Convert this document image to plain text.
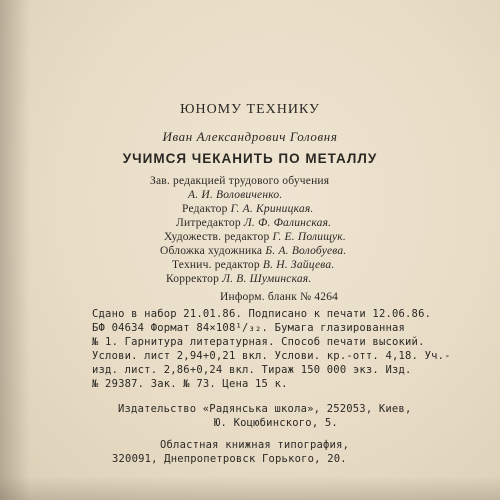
ЮНОМУ ТЕХНИКУ
Иван Александрович Головня
УЧИМСЯ ЧЕКАНИТЬ ПО МЕТАЛЛУ
Зав. редакцией трудового обучения
А. И. Воловиченко.
Редактор Г. А. Криницкая.
Литредактор Л. Ф. Фалинская.
Художеств. редактор Г. Е. Полищук.
Обложка художника Б. А. Волобуева.
Технич. редактор В. Н. Зайцева.
Корректор Л. В. Шуминская.
Информ. бланк № 4264
Сдано в набор 21.01.86. Подписано к печати 12.06.86.
БФ 04634 Формат 84×108¹/₃₂. Бумага глазированная
№ 1. Гарнитура литературная. Способ печати высокий.
Услови. лист 2,94+0,21 вкл. Услови. кр.-отт. 4,18. Уч.-
изд. лист. 2,86+0,24 вкл. Тираж 150 000 экз. Изд.
№ 29387. Зак. № 73. Цена 15 к.
Издательство «Радянська школа», 252053, Киев,
Ю. Коцюбинского, 5.
Областная книжная типография,
320091, Днепропетровск Горького, 20.
